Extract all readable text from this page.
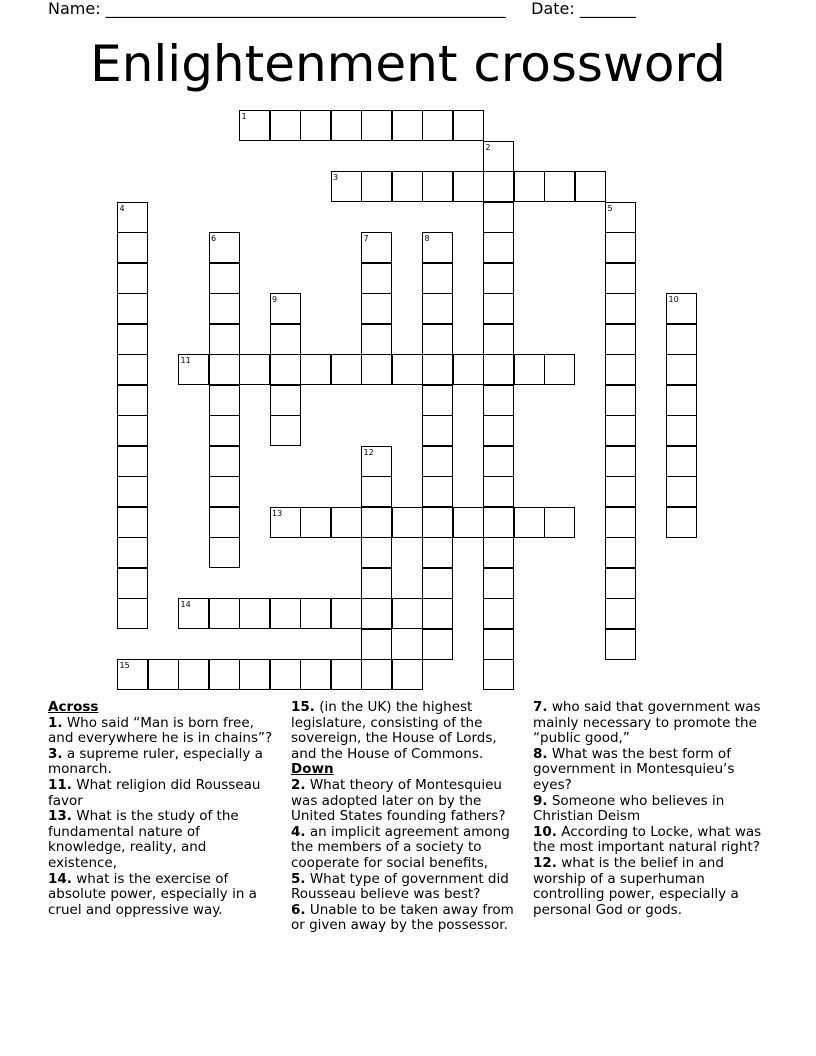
Name: __________________________________________________ Date: _______
Enlightenment crossword
1
2
3
4	5
6	7	8
9	10
11
12
13
14
15
Across

1. Who said “Man is born free, and everywhere he is in chains”?

3. a supreme ruler, especially a monarch.

11. What religion did Rousseau favor

13. What is the study of the fundamental nature of knowledge, reality, and existence,

14. what is the exercise of absolute power, especially in a cruel and oppressive way.

15. (in the UK) the highest legislature, consisting of the sovereign, the House of Lords, and the House of Commons.

Down

2. What theory of Montesquieu was adopted later on by the United States founding fathers?

4. an implicit agreement among the members of a society to cooperate for social benefits,

5. What type of government did Rousseau believe was best?

6. Unable to be taken away from or given away by the possessor.

7. who said that government was mainly necessary to promote the “public good,”

8. What was the best form of government in Montesquieu’s eyes?

9. Someone who believes in Christian Deism

10. According to Locke, what was the most important natural right?

12. what is the belief in and worship of a superhuman controlling power, especially a personal God or gods.
